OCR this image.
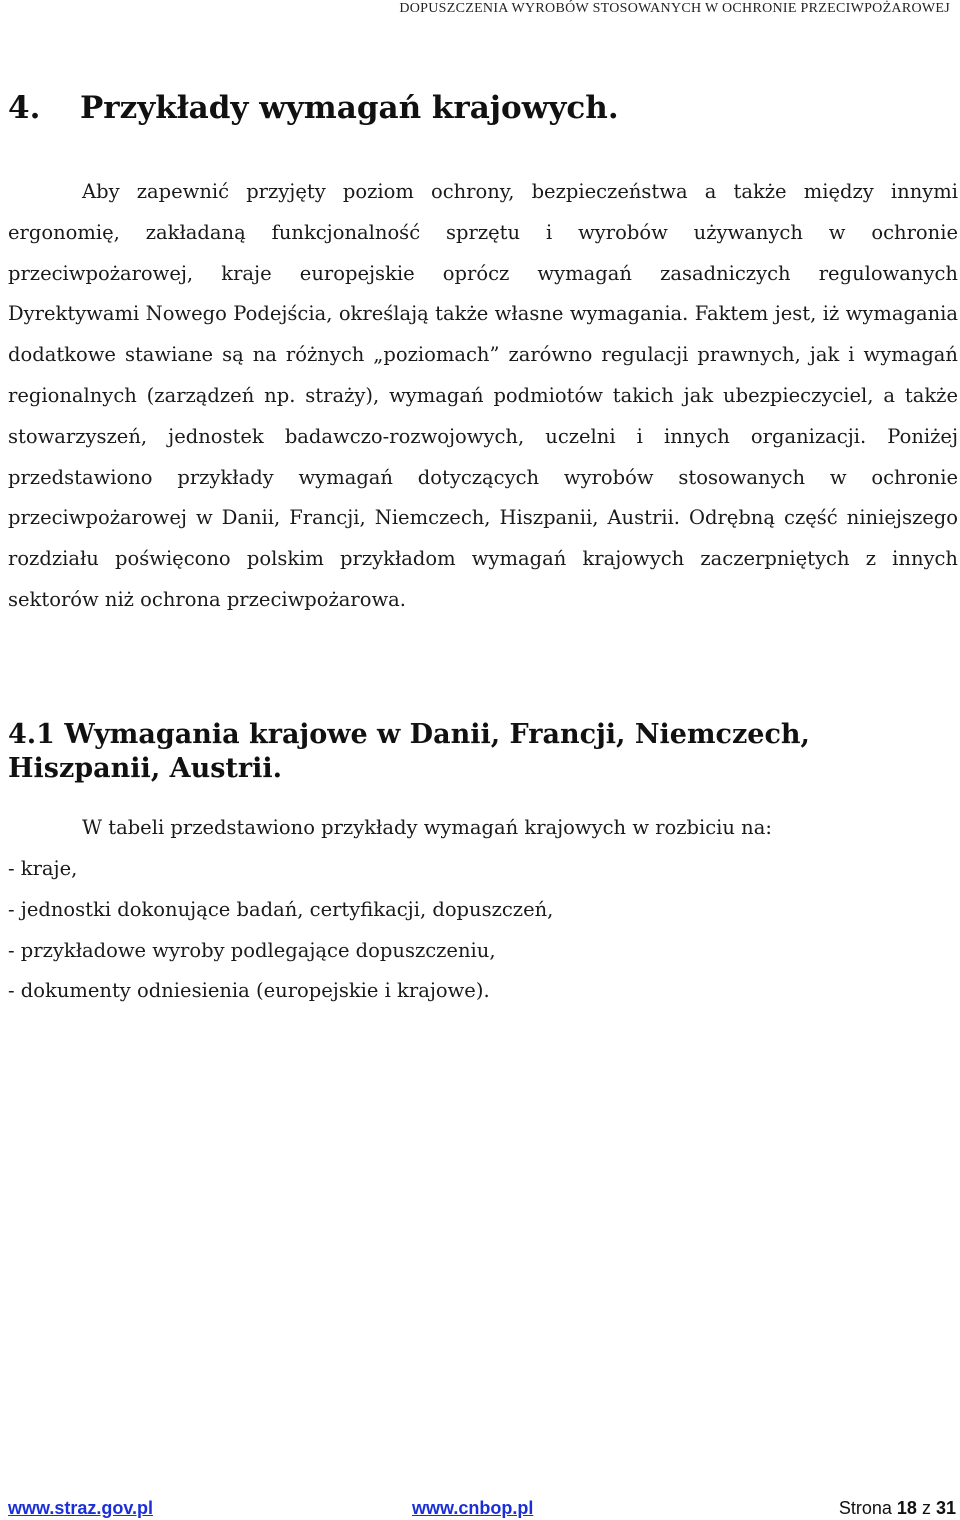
DOPUSZCZENIA WYROBÓW STOSOWANYCH W OCHRONIE PRZECIWPOŻAROWEJ
4. Przykłady wymagań krajowych.

Aby zapewnić przyjęty poziom ochrony, bezpieczeństwa a także między innymi ergonomię, zakładaną funkcjonalność sprzętu i wyrobów używanych w ochronie przeciwpożarowej, kraje europejskie oprócz wymagań zasadniczych regulowanych Dyrektywami Nowego Podejścia, określają także własne wymagania. Faktem jest, iż wymagania dodatkowe stawiane są na różnych „poziomach” zarówno regulacji prawnych, jak i wymagań regionalnych (zarządzeń np. straży), wymagań podmiotów takich jak ubezpieczyciel, a także stowarzyszeń, jednostek badawczo-rozwojowych, uczelni i innych organizacji. Poniżej przedstawiono przykłady wymagań dotyczących wyrobów stosowanych w ochronie przeciwpożarowej w Danii, Francji, Niemczech, Hiszpanii, Austrii. Odrębną część niniejszego rozdziału poświęcono polskim przykładom wymagań krajowych zaczerpniętych z innych sektorów niż ochrona przeciwpożarowa.

4.1 Wymagania krajowe w Danii, Francji, Niemczech, Hiszpanii, Austrii.

W tabeli przedstawiono przykłady wymagań krajowych w rozbiciu na:

- kraje,
- jednostki dokonujące badań, certyfikacji, dopuszczeń,
- przykładowe wyroby podlegające dopuszczeniu,
- dokumenty odniesienia (europejskie i krajowe).
www.straz.gov.pl	www.cnbop.pl	Strona 18 z 31
